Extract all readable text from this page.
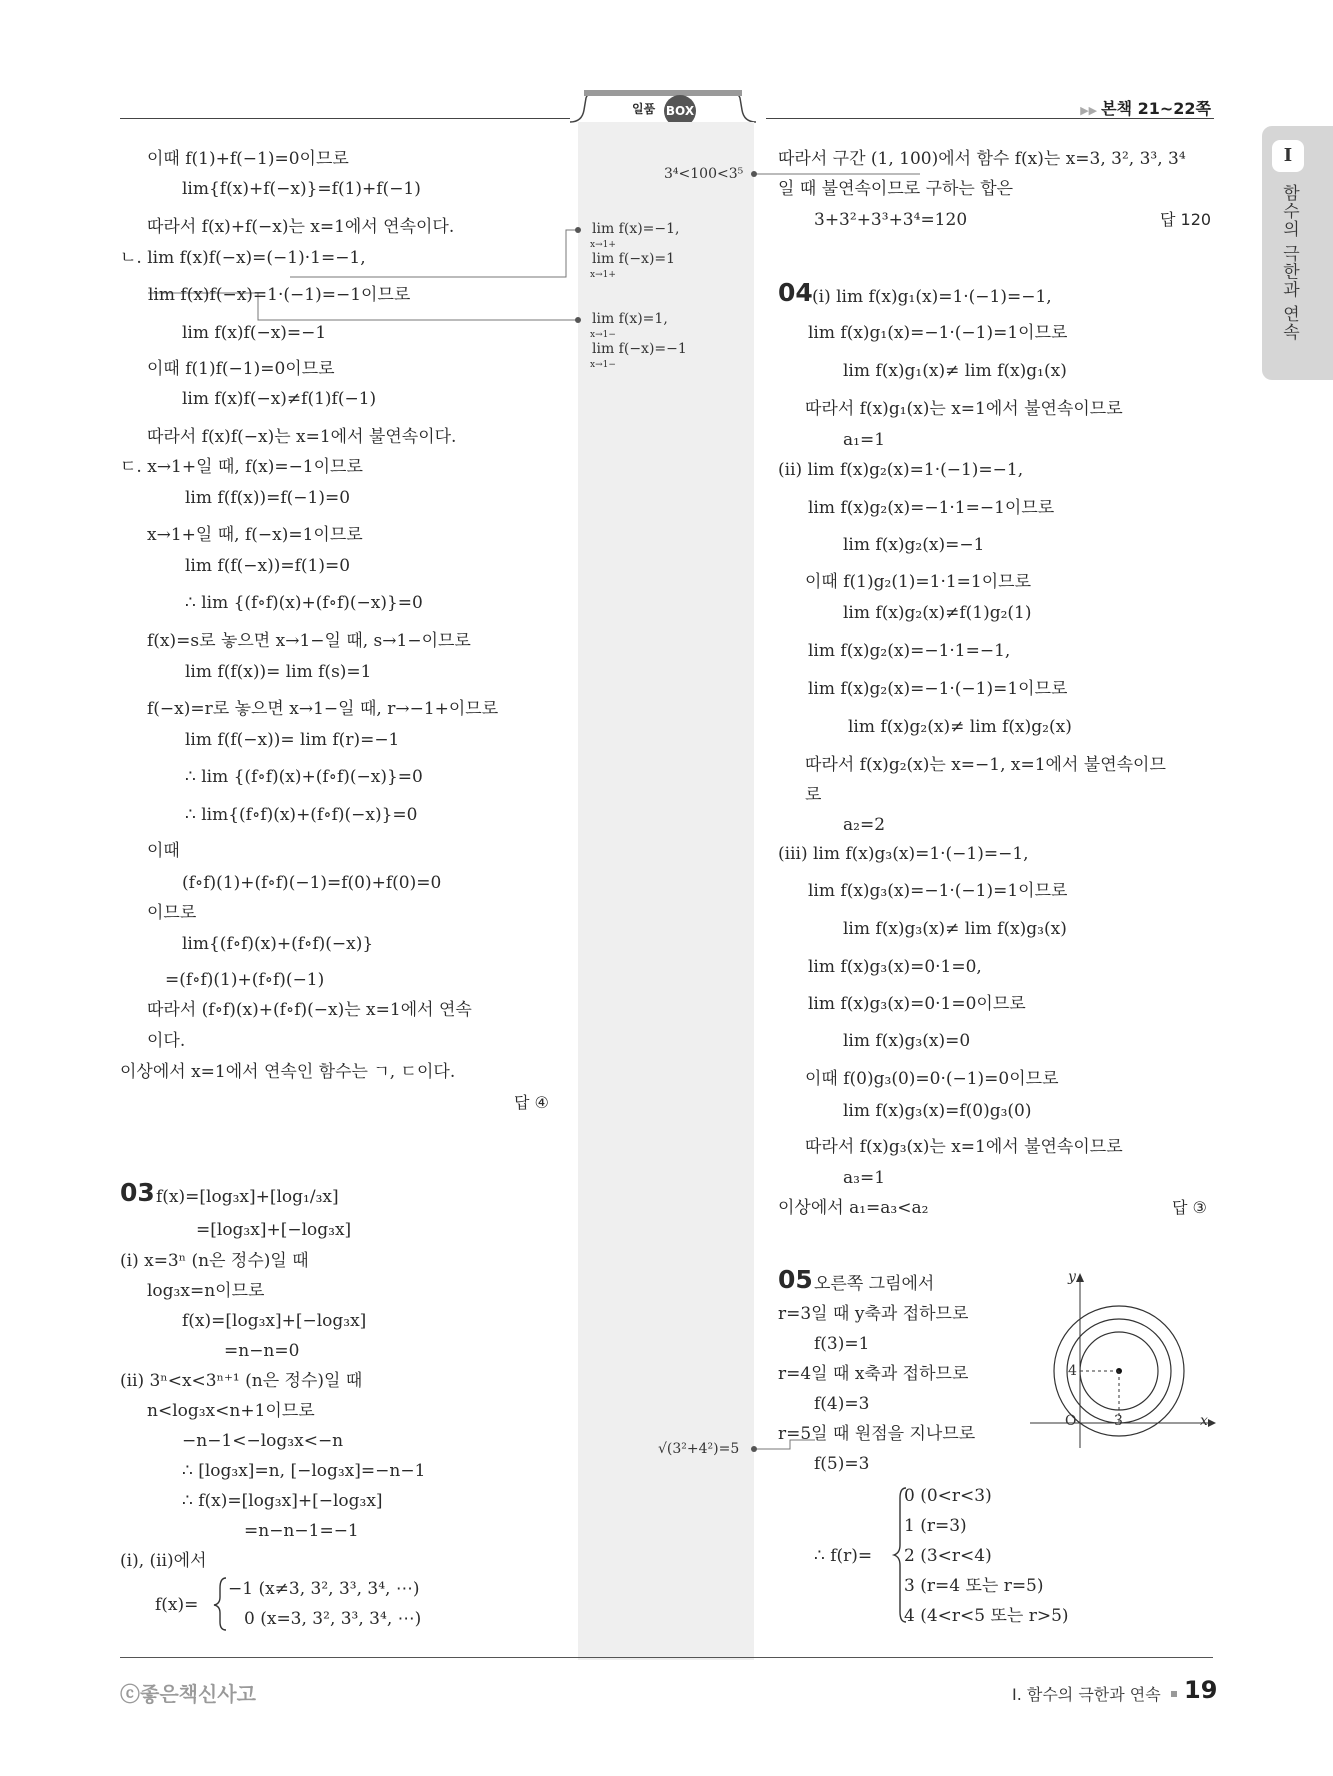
일품 BOX	▶▶ 본책 21~22쪽
I
함수의 극한과 연속
이때 f(1)+f(−1)=0이므로
lim{f(x)+f(−x)}=f(1)+f(−1)
따라서 f(x)+f(−x)는 x=1에서 연속이다.
ㄴ. lim f(x)f(−x)=(−1)·1=−1,
lim f(x)f(−x)=1·(−1)=−1이므로
lim f(x)f(−x)=−1
이때 f(1)f(−1)=0이므로
lim f(x)f(−x)≠f(1)f(−1)
따라서 f(x)f(−x)는 x=1에서 불연속이다.
ㄷ. x→1+일 때, f(x)=−1이므로
lim f(f(x))=f(−1)=0
x→1+일 때, f(−x)=1이므로
lim f(f(−x))=f(1)=0
∴ lim {(f∘f)(x)+(f∘f)(−x)}=0
f(x)=s로 놓으면 x→1−일 때, s→1−이므로
lim f(f(x))= lim f(s)=1
f(−x)=r로 놓으면 x→1−일 때, r→−1+이므로
lim f(f(−x))= lim f(r)=−1
∴ lim {(f∘f)(x)+(f∘f)(−x)}=0
∴ lim{(f∘f)(x)+(f∘f)(−x)}=0
이때
(f∘f)(1)+(f∘f)(−1)=f(0)+f(0)=0
이므로
lim{(f∘f)(x)+(f∘f)(−x)}
=(f∘f)(1)+(f∘f)(−1)
따라서 (f∘f)(x)+(f∘f)(−x)는 x=1에서 연속
이다.
이상에서 x=1에서 연속인 함수는 ㄱ, ㄷ이다.
답 ④
03 f(x)=[log₃x]+[log₁/₃x]
=[log₃x]+[−log₃x]
(ⅰ) x=3ⁿ (n은 정수)일 때
log₃x=n이므로
f(x)=[log₃x]+[−log₃x]
=n−n=0
(ⅱ) 3ⁿ<x<3ⁿ⁺¹ (n은 정수)일 때
n<log₃x<n+1이므로
−n−1<−log₃x<−n
∴ [log₃x]=n, [−log₃x]=−n−1
∴ f(x)=[log₃x]+[−log₃x]
=n−n−1=−1
(ⅰ), (ⅱ)에서
f(x)=
−1 (x≠3, 3², 3³, 3⁴, ⋯)
0 (x=3, 3², 3³, 3⁴, ⋯)
3⁴<100<3⁵
lim f(x)=−1,
x→1+
lim f(−x)=1
x→1+
lim f(x)=1,
x→1−
lim f(−x)=−1
x→1−
√(3²+4²)=5
따라서 구간 (1, 100)에서 함수 f(x)는 x=3, 3², 3³, 3⁴
일 때 불연속이므로 구하는 합은
3+3²+3³+3⁴=120	답 120
04 (ⅰ) lim f(x)g₁(x)=1·(−1)=−1,
lim f(x)g₁(x)=−1·(−1)=1이므로
lim f(x)g₁(x)≠ lim f(x)g₁(x)
따라서 f(x)g₁(x)는 x=1에서 불연속이므로
a₁=1
(ⅱ) lim f(x)g₂(x)=1·(−1)=−1,
lim f(x)g₂(x)=−1·1=−1이므로
lim f(x)g₂(x)=−1
이때 f(1)g₂(1)=1·1=1이므로
lim f(x)g₂(x)≠f(1)g₂(1)
lim f(x)g₂(x)=−1·1=−1,
lim f(x)g₂(x)=−1·(−1)=1이므로
lim f(x)g₂(x)≠ lim f(x)g₂(x)
따라서 f(x)g₂(x)는 x=−1, x=1에서 불연속이므
로
a₂=2
(ⅲ) lim f(x)g₃(x)=1·(−1)=−1,
lim f(x)g₃(x)=−1·(−1)=1이므로
lim f(x)g₃(x)≠ lim f(x)g₃(x)
lim f(x)g₃(x)=0·1=0,
lim f(x)g₃(x)=0·1=0이므로
lim f(x)g₃(x)=0
이때 f(0)g₃(0)=0·(−1)=0이므로
lim f(x)g₃(x)=f(0)g₃(0)
따라서 f(x)g₃(x)는 x=1에서 불연속이므로
a₃=1
이상에서 a₁=a₃<a₂	답 ③
05 오른쪽 그림에서
r=3일 때 y축과 접하므로
f(3)=1
r=4일 때 x축과 접하므로
f(4)=3
r=5일 때 원점을 지나므로
f(5)=3
∴ f(r)=
0 (0<r<3)
1 (r=3)
2 (3<r<4)
3 (r=4 또는 r=5)
4 (4<r<5 또는 r>5)
y
x
O
4
3
ⓒ좋은책신사고	Ⅰ. 함수의 극한과 연속 19
